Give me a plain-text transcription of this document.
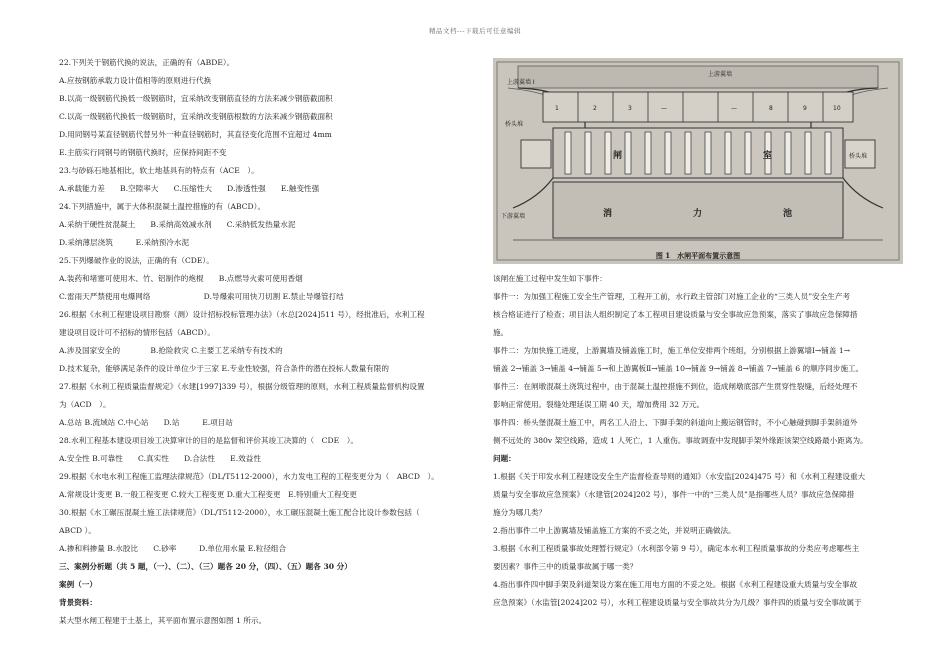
精品文档---下载后可任意编辑
22.下列关于钢筋代换的说法，正确的有（ABDE）。
A.应按钢筋承载力设计值相等的原则进行代换
B.以高一级钢筋代换低一级钢筋时，宜采纳改变钢筋直径的方法来减少钢筋截面积
C.以高一级钢筋代换低一级钢筋时，宜采纳改变钢筋根数的方法来减少钢筋截面积
D.用同钢号某直径钢筋代替另外一种直径钢筋时，其直径变化范围不宜超过 4mm
E.主筋实行同钢号的钢筋代换时，应保持间距不变
23.与砂砾石地基相比，软土地基具有的特点有（ACE　）。
A.承载能力差　　B.空隙率大　　C.压缩性大　　D.渗透性强　　E.触变性强
24.下列措施中，属于大体积混凝土温控措施的有（ABCD）。
A.采纳干硬性贫混凝土　　B.采纳高效减水剂　　C.采纳低发热量水泥
D.采纳薄层浇筑　　　E.采纳预冷水泥
25.下列爆破作业的说法，正确的有（CDE）。
A.装药和堵塞可使用木、竹、铝制作的炮棍　　B.点燃导火索可使用香烟
C.雷雨天严禁使用电爆网络　　　　　　　D.导爆索可用快刀切割 E.禁止导爆管打结
26.根据《水利工程建设项目勘察（测）设计招标投标管理办法》（水总[2024]511 号），经批准后，水利工程
建设项目设计可不招标的情形包括（ABCD）。
A.涉及国家安全的　　　　B.抢险救灾 C.主要工艺采纳专有技术的
D.技术复杂，能够满足条件的设计单位少于三家 E.专业性较强，符合条件的潜在投标人数量有限的
27.根据《水利工程质量监督规定》（水建[1997]339 号），根据分级管理的原则，水利工程质量监督机构设置
为（ACD　）。
A.总站 B.流域站 C.中心站　　D.站　　　E.项目站
28.水利工程基本建设项目竣工决算审计的目的是监督和评价其竣工决算的（　CDE　）。
A.安全性 B.可靠性　　C.真实性　　D.合法性　　E.效益性
29.根据《水电水利工程施工监理法律规范》（DL/T5112-2000），水力发电工程的工程变更分为（　ABCD　）。
A.常规设计变更 B.一般工程变更 C.较大工程变更 D.重大工程变更　E.特别重大工程变更
30.根据《水工碾压混凝土施工法律规范》（DL/T5112-2000），水工碾压混凝土施工配合比设计参数包括（
ABCD ）。
A.掺和料掺量 B.水胶比　　C.砂率　　　D.单位用水量 E.粒径组合
三、案例分析题（共 5 题，（一）、（二）、（三）题各 20 分，（四）、（五）题各 30 分）
案例（一）
背景资料：
某大型水闸工程建于土基上，其平面布置示意图如图 1 所示。
上游翼墙
上游翼墙 I
桥头堆
桥头堆
下游翼墙
1	2	3	—	—	8	9	10
闸	室
消	力	池
图 1　水闸平面布置示意图
该闸在施工过程中发生如下事件：
事件一：为加强工程施工安全生产管理，工程开工前，水行政主管部门对施工企业的“三类人员”安全生产考
核合格证进行了检查；项目法人组织制定了本工程项目建设质量与安全事故应急预案，落实了事故应急保障措
施。
事件二：为加快施工进度，上游翼墙及铺盖施工时，施工单位安排两个班组，分别根据上游翼墙Ⅰ→铺盖 1→
铺盖 2→铺盖 3→铺盖 4→铺盖 5→和上游翼板Ⅱ→铺盖 10→铺盖 9→铺盖 8→铺盖 7→铺盖 6 的顺序同步施工。
事件三：在闸墩混凝土浇筑过程中，由于混凝土温控措施不到位，造成闸墩底部产生贯穿性裂缝，后经处理不
影响正常使用。裂缝处理延误工期 40 天，增加费用 32 万元。
事件四：桥头堡混凝土施工中，两名工人沿上、下脚手架的斜道向上搬运钢管时，不小心触碰到脚手架斜道外
侧不远处的 380v 架空线路，造成 1 人死亡，1 人重伤。事故调查中发现脚手架外缘距该架空线路最小距离为。
问题：
1.根据《关于印发水利工程建设安全生产监督检查导则的通知》（水安监[2024]475 号）和《水利工程建设重大
质量与安全事故应急预案》（水建管[2024]202 号），事件一中的“三类人员”是指哪些人员？事故应急保障措
施分为哪几类？
2.指出事件二中上游翼墙及铺盖施工方案的不妥之处，并说明正确做法。
3.根据《水利工程质量事故处理暂行规定》（水利部令第 9 号），确定本水利工程质量事故的分类应考虑哪些主
要因素？事件三中的质量事故属于哪一类？
4.指出事件四中脚手架及斜道架设方案在施工用电方面的不妥之处。根据《水利工程建设重大质量与安全事故
应急预案》（水监管[2024]202 号），水利工程建设质量与安全事故共分为几级？事件四的质量与安全事故属于
